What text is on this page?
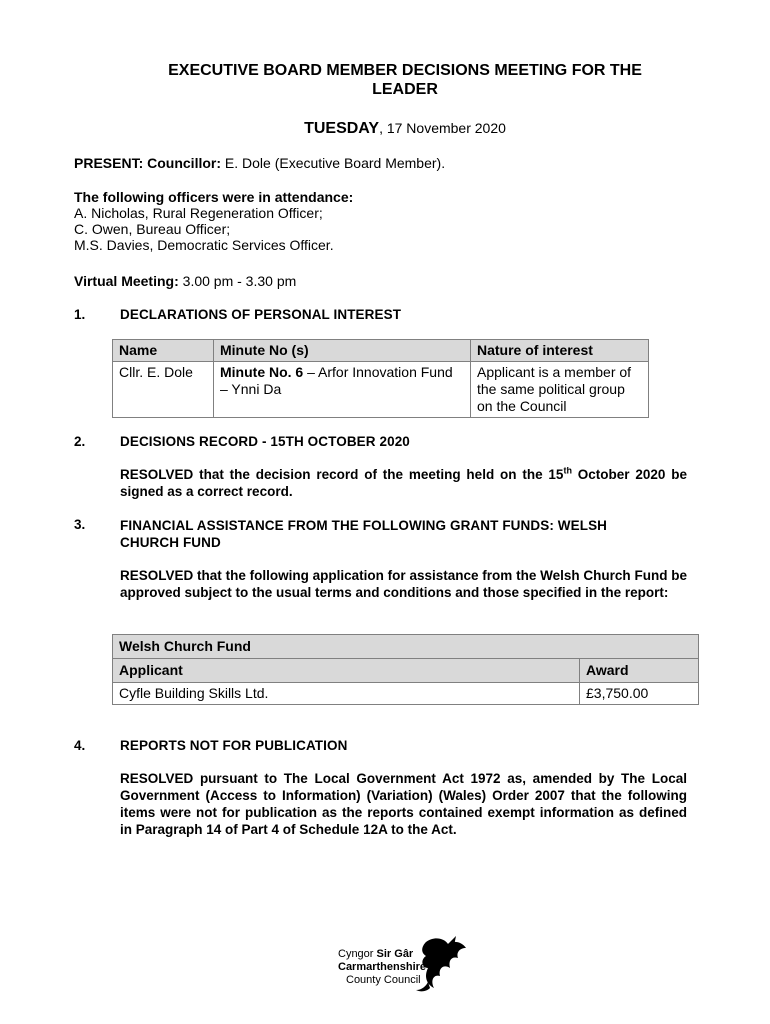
EXECUTIVE BOARD MEMBER DECISIONS MEETING FOR THE
LEADER
TUESDAY, 17 November 2020
PRESENT: Councillor: E. Dole (Executive Board Member).
The following officers were in attendance:
A. Nicholas, Rural Regeneration Officer;
C. Owen, Bureau Officer;
M.S. Davies, Democratic Services Officer.
Virtual Meeting: 3.00 pm - 3.30 pm
1.	DECLARATIONS OF PERSONAL INTEREST
Name	Minute No (s)	Nature of interest
Cllr. E. Dole	Minute No. 6 – Arfor Innovation Fund – Ynni Da	Applicant is a member of the same political group on the Council
2.	DECISIONS RECORD - 15TH OCTOBER 2020
RESOLVED that the decision record of the meeting held on the 15th October 2020 be signed as a correct record.
3.	FINANCIAL ASSISTANCE FROM THE FOLLOWING GRANT FUNDS: WELSH
CHURCH FUND
RESOLVED that the following application for assistance from the Welsh Church Fund be approved subject to the usual terms and conditions and those specified in the report:
Welsh Church Fund	
Applicant	Award
Cyfle Building Skills Ltd.	£3,750.00
4.	REPORTS NOT FOR PUBLICATION
RESOLVED pursuant to The Local Government Act 1972 as, amended by The Local Government (Access to Information) (Variation) (Wales) Order 2007 that the following items were not for publication as the reports contained exempt information as defined in Paragraph 14 of Part 4 of Schedule 12A to the Act.
Cyngor Sir Gâr
Carmarthenshire
County Council
